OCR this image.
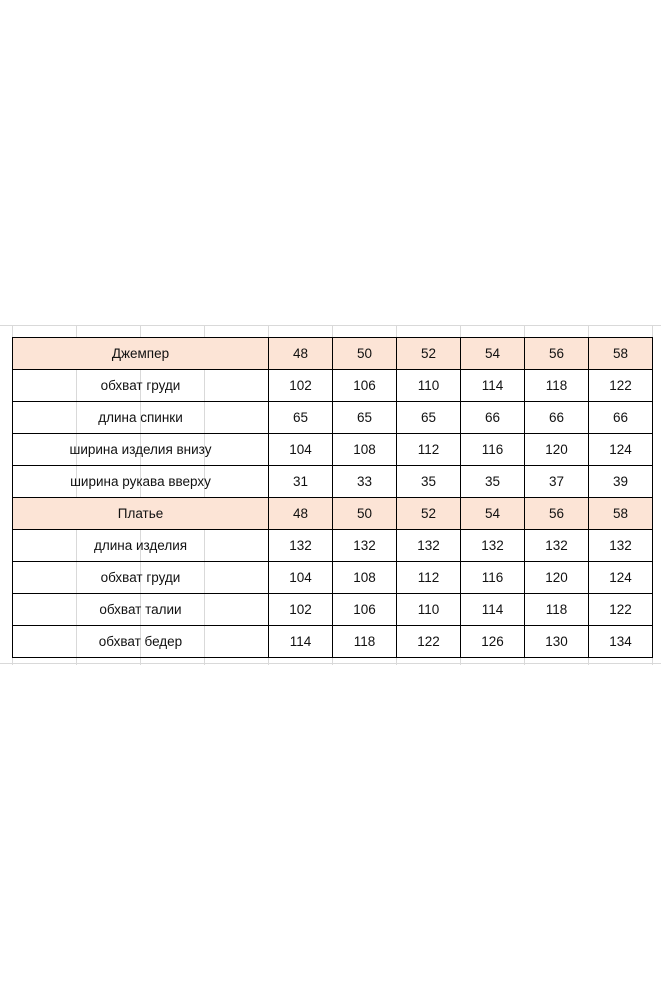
Джемпер	48	50	52	54	56	58
обхват груди	102	106	110	114	118	122
длина спинки	65	65	65	66	66	66
ширина изделия внизу	104	108	112	116	120	124
ширина рукава вверху	31	33	35	35	37	39
Платье	48	50	52	54	56	58
длина изделия	132	132	132	132	132	132
обхват груди	104	108	112	116	120	124
обхват талии	102	106	110	114	118	122
обхват бедер	114	118	122	126	130	134
